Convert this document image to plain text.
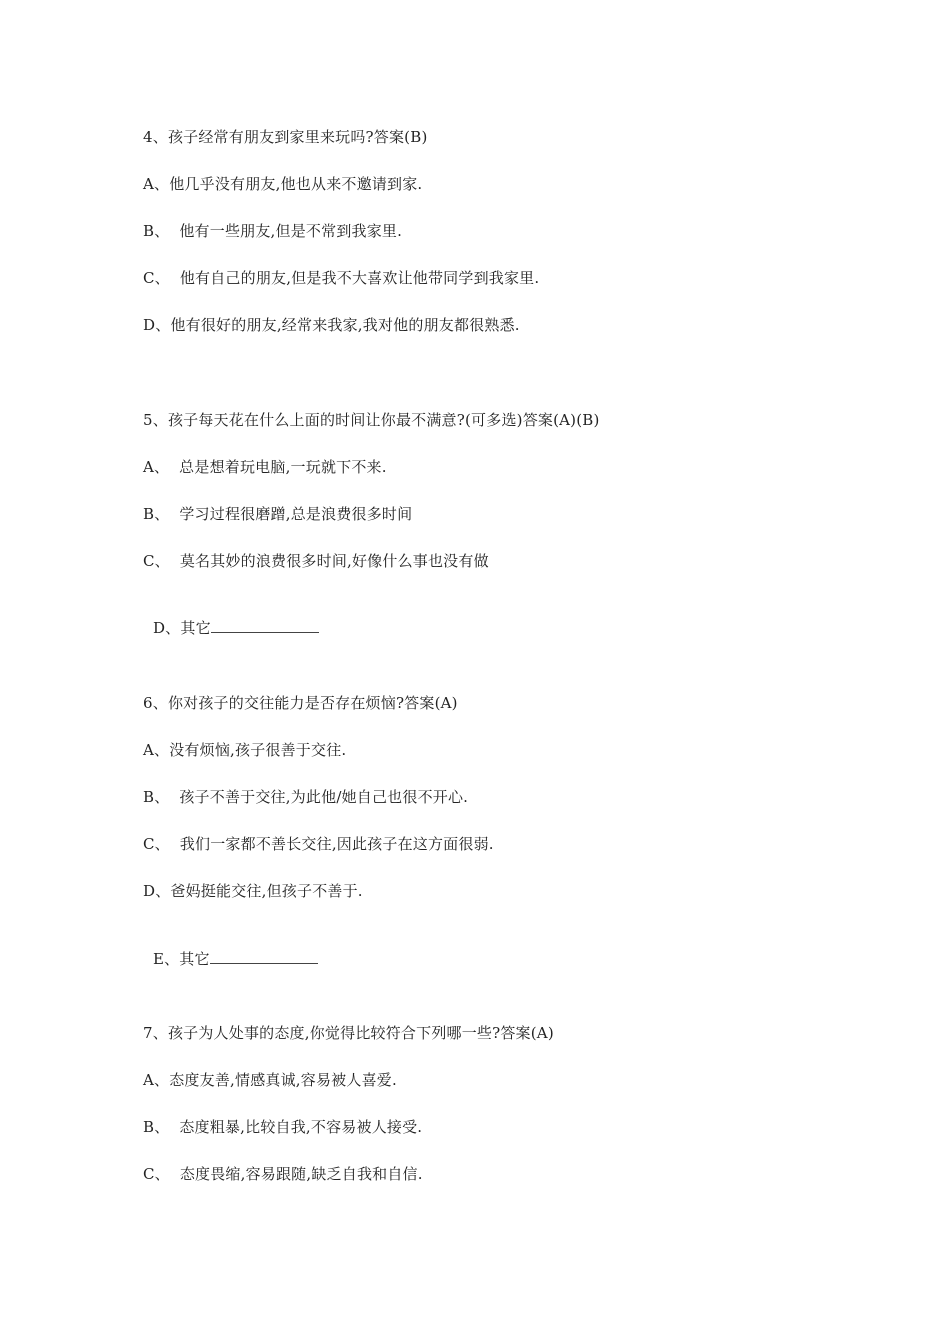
4、孩子经常有朋友到家里来玩吗?答案(B)
A、他几乎没有朋友,他也从来不邀请到家.
B、  他有一些朋友,但是不常到我家里.
C、  他有自己的朋友,但是我不大喜欢让他带同学到我家里.
D、他有很好的朋友,经常来我家,我对他的朋友都很熟悉.
5、孩子每天花在什么上面的时间让你最不满意?(可多选)答案(A)(B)
A、  总是想着玩电脑,一玩就下不来.
B、  学习过程很磨蹭,总是浪费很多时间
C、  莫名其妙的浪费很多时间,好像什么事也没有做

D、其它

6、你对孩子的交往能力是否存在烦恼?答案(A)
A、没有烦恼,孩子很善于交往.
B、  孩子不善于交往,为此他/她自己也很不开心.
C、  我们一家都不善长交往,因此孩子在这方面很弱.
D、爸妈挺能交往,但孩子不善于.

E、其它

7、孩子为人处事的态度,你觉得比较符合下列哪一些?答案(A)
A、态度友善,情感真诚,容易被人喜爱.
B、  态度粗暴,比较自我,不容易被人接受.
C、  态度畏缩,容易跟随,缺乏自我和自信.
